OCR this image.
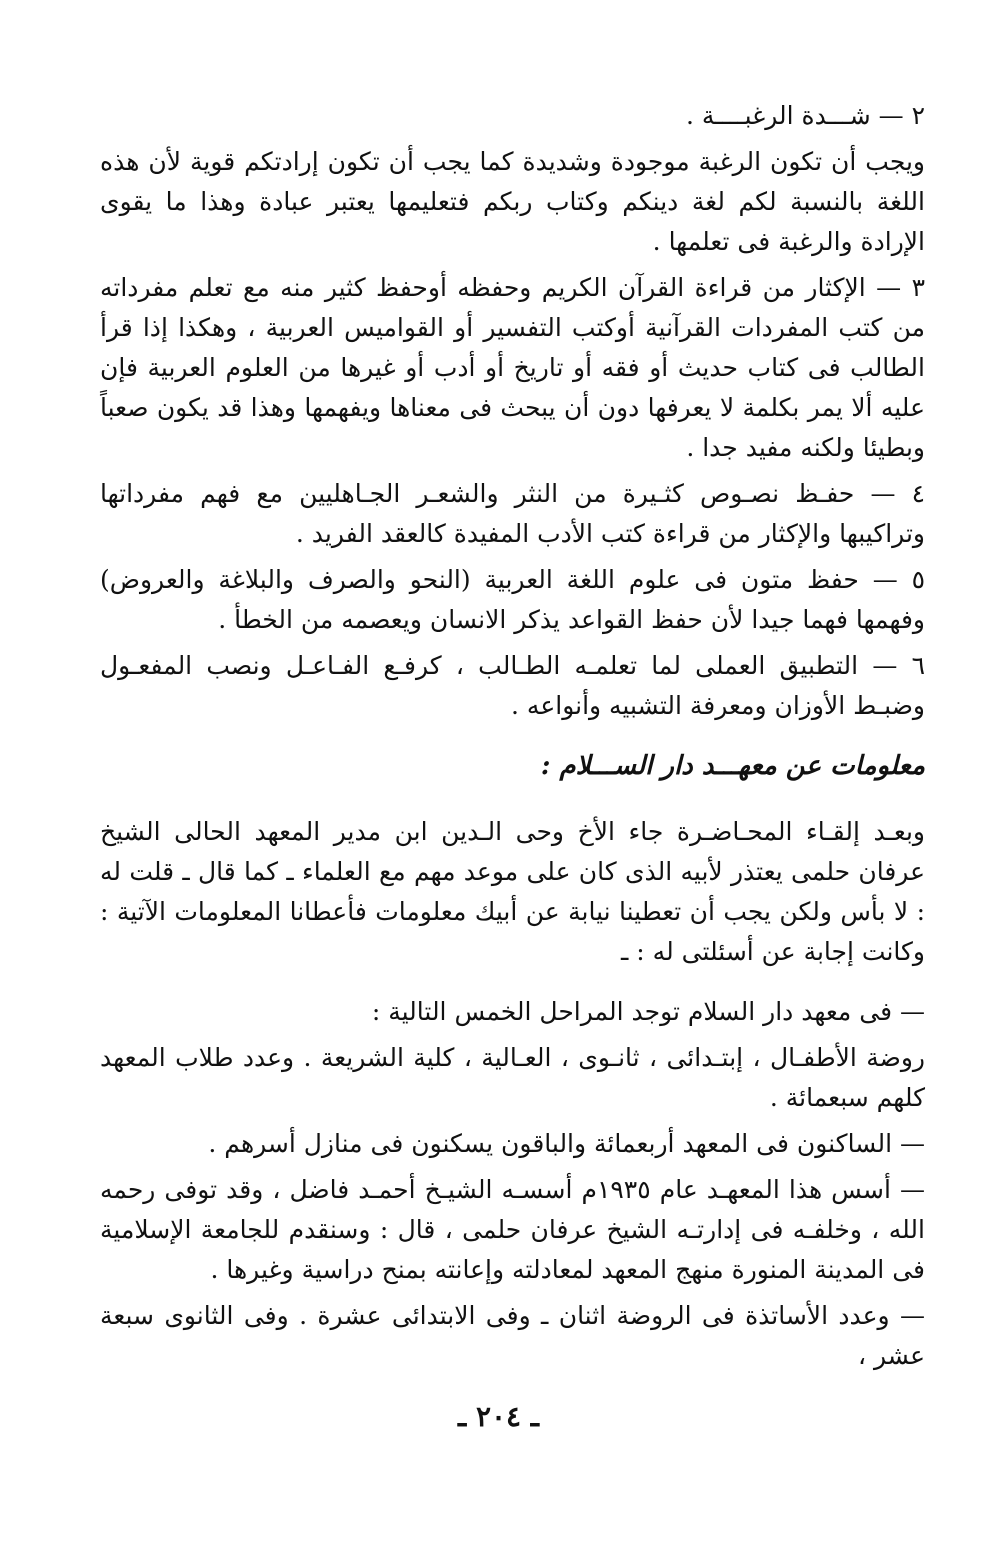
٢ — شـــدة الرغبــــة .

ويجب أن تكون الرغبة موجودة وشديدة كما يجب أن تكون إرادتكم قوية لأن هذه اللغة بالنسبة لكم لغة دينكم وكتاب ربكم فتعليمها يعتبر عبادة وهذا ما يقوى الإرادة والرغبة فى تعلمها .

٣ — الإكثار من قراءة القرآن الكريم وحفظه أوحفظ كثير منه مع تعلم مفرداته من كتب المفردات القرآنية أوكتب التفسير أو القواميس العربية ، وهكذا إذا قرأ الطالب فى كتاب حديث أو فقه أو تاريخ أو أدب أو غيرها من العلوم العربية فإن عليه ألا يمر بكلمة لا يعرفها دون أن يبحث فى معناها ويفهمها وهذا قد يكون صعباً وبطيئا ولكنه مفيد جدا .

٤ — حفـظ نصـوص كثـيرة من النثر والشعـر الجـاهليين مع فهم مفرداتها وتراكيبها والإكثار من قراءة كتب الأدب المفيدة كالعقد الفريد .

٥ — حفظ متون فى علوم اللغة العربية (النحو والصرف والبلاغة والعروض) وفهمها فهما جيدا لأن حفظ القواعد يذكر الانسان ويعصمه من الخطأ .

٦ — التطبيق العملى لما تعلمـه الطـالب ، كرفـع الفـاعـل ونصب المفعـول وضبـط الأوزان ومعرفة التشبيه وأنواعه .

معلومات عن معهـــد دار الســـلام :

وبعـد إلقـاء المحـاضـرة جاء الأخ وحى الـدين ابن مدير المعهد الحالى الشيخ عرفان حلمى يعتذر لأبيه الذى كان على موعد مهم مع العلماء ـ كما قال ـ قلت له : لا بأس ولكن يجب أن تعطينا نيابة عن أبيك معلومات فأعطانا المعلومات الآتية : وكانت إجابة عن أسئلتى له : ـ

— فى معهد دار السلام توجد المراحل الخمس التالية :

روضة الأطفـال ، إبتـدائى ، ثانـوى ، العـالية ، كلية الشريعة . وعدد طلاب المعهد كلهم سبعمائة .

— الساكنون فى المعهد أربعمائة والباقون يسكنون فى منازل أسرهم .

— أسس هذا المعهـد عام ١٩٣٥م أسسـه الشيـخ أحمـد فاضل ، وقد توفى رحمه الله ، وخلفـه فى إدارتـه الشيخ عرفان حلمى ، قال : وسنقدم للجامعة الإسلامية فى المدينة المنورة منهج المعهد لمعادلته وإعانته بمنح دراسية وغيرها .

— وعدد الأساتذة فى الروضة اثنان ـ وفى الابتدائى عشرة . وفى الثانوى سبعة عشر ،

ـ ٢٠٤ ـ
